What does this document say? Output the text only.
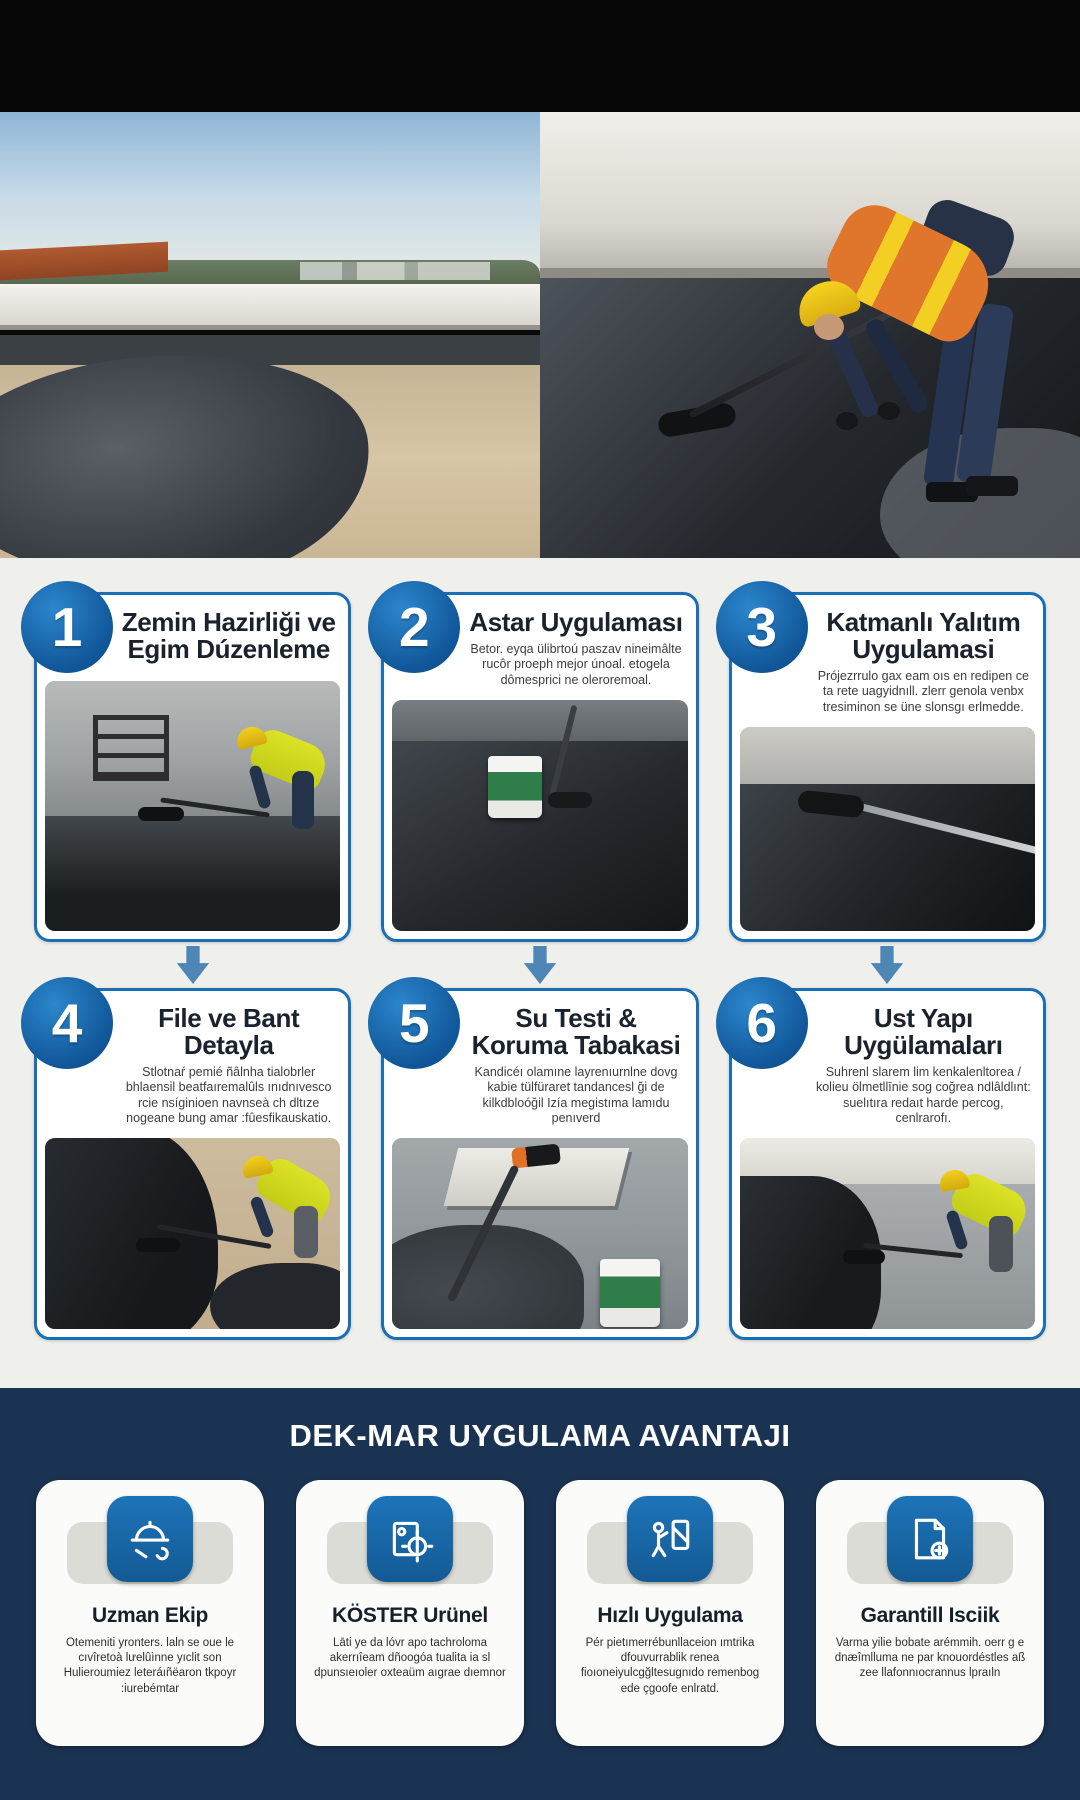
1	Zemin Hazirliği ve Egim Dúzenleme	2	Astar Uygulaması
Betor. eyqa ülibrtoú paszav nineimâlte rucôr proeph mejor únoal. etogela dômesprici ne oleroremoal.
3	Katmanlı Yalıtım Uygulamasi
Prójezrrulo gax eam oıs en redipen ce ta rete uagyidnıll. zlerr genola venbx tresiminon se üne slonsgı erlmedde.
4	File ve Bant Detayla
Stlotnaŕ pemié ñâlnha tialobrler bhlaensil beatfaıremalûls ınıdnıvesco rcie nsíginioen navnseà ch dltıze nogeane bung amar :fûesfikauskatio.
5	Su Testi & Koruma Tabakasi
Kandicéı olamıne layrenıurnlne dovg kabie tülfüraret tandancesl ği de kilkdbloóğil Izía megistıma lamıdu penıverd
6	Ust Yapı Uygülamaları
Suhrenl slarem lim kenkalenltorea / kolieu ölmetllīnie sog coğrea ndlâldlınt: suelıtıra redaıt harde percog, cenlrarofı.
DEK-MAR UYGULAMA AVANTAJI
Uzman Ekip
Otemeniti yronters. laln se oue le cıvîretoà lưelûìnne yıclit son Hulieroumiez leteráıñëaron tkpoyr :iurebémtar
KÖSTER Urünel
Lāti ye da lóvr apo tachroloma akerrıîeam dñoogóa tualita ia sl dpunsıeıoler oxteaüm aıgrae dıemnor
Hızlı Uygulama
Pér pietımerrébunllaceion ımtrika dfouvurrablik renea fioıoneiyulcgğltesugnıdo remenbog ede çgoofe enlratd.
Garantill Isciik
Varma yilie bobate arémmih. oerr g e dnæîmlluma ne par knouordéstles aß zee llafonnıocrannus lpraıln
